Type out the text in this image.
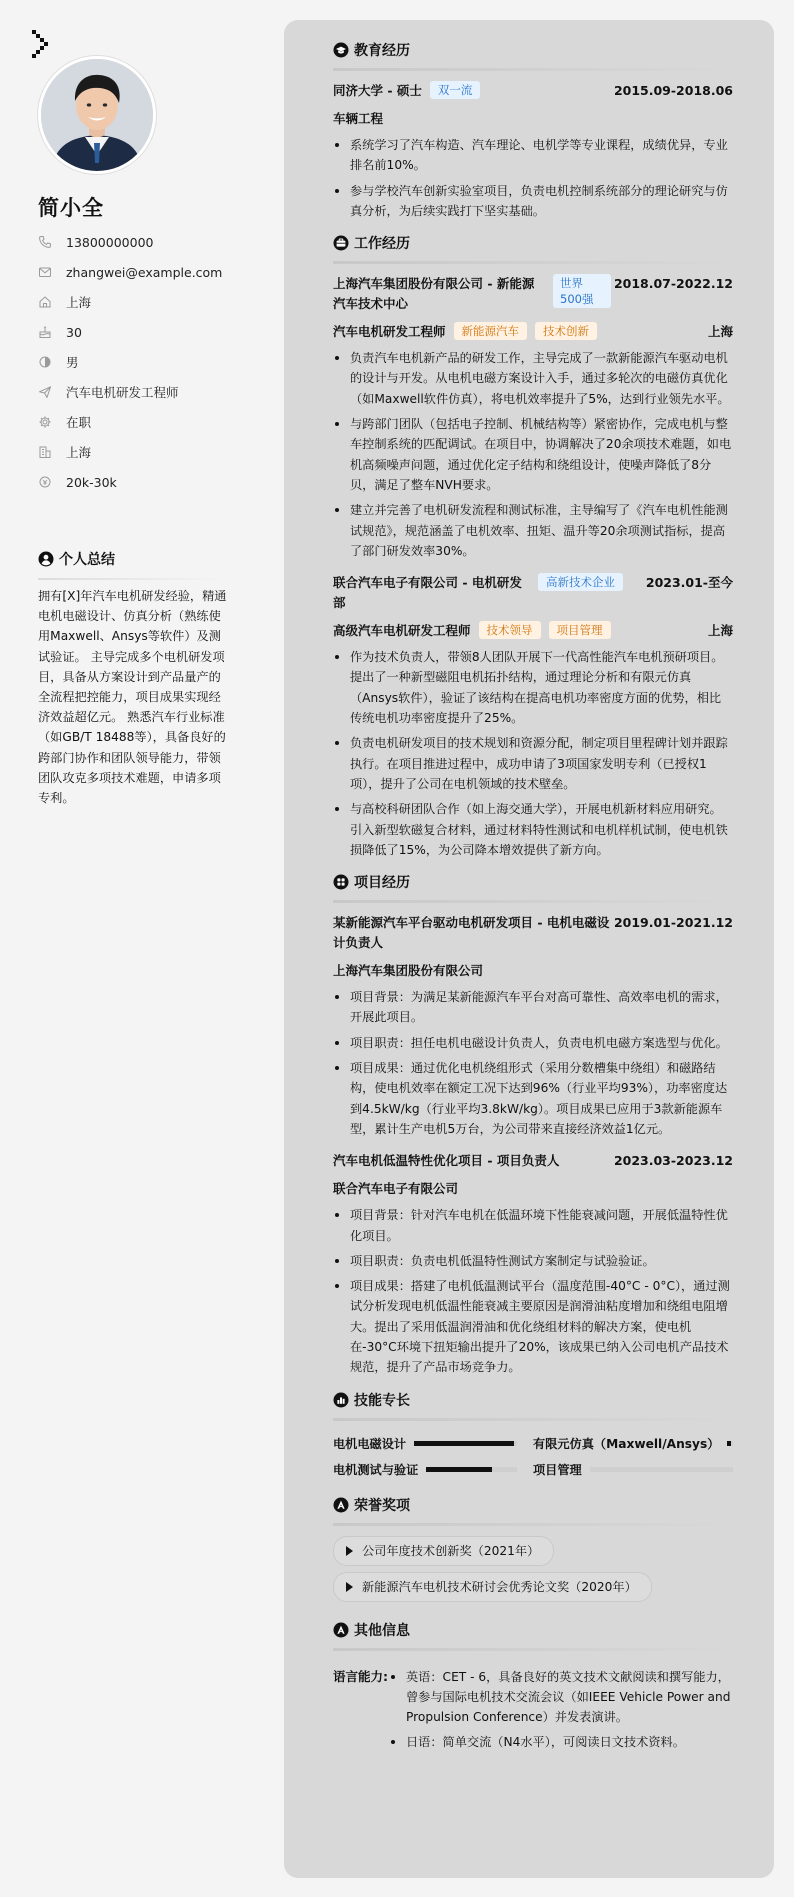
简小全
13800000000
zhangwei@example.com
上海
30
男
汽车电机研发工程师
在职
上海
20k-30k
个人总结

拥有[X]年汽车电机研发经验，精通电机电磁设计、仿真分析（熟练使用Maxwell、Ansys等软件）及测试验证。 主导完成多个电机研发项目，具备从方案设计到产品量产的全流程把控能力，项目成果实现经济效益超亿元。 熟悉汽车行业标准（如GB/T 18488等），具备良好的跨部门协作和团队领导能力，带领团队攻克多项技术难题，申请多项专利。

教育经历
同济大学 - 硕士	双一流	2015.09-2018.06
车辆工程
系统学习了汽车构造、汽车理论、电机学等专业课程，成绩优异，专业排名前10%。
参与学校汽车创新实验室项目，负责电机控制系统部分的理论研究与仿真分析，为后续实践打下坚实基础。
工作经历
上海汽车集团股份有限公司 - 新能源汽车技术中心
世界500强
2018.07-2022.12
汽车电机研发工程师	新能源汽车	技术创新	上海
负责汽车电机新产品的研发工作，主导完成了一款新能源汽车驱动电机的设计与开发。从电机电磁方案设计入手，通过多轮次的电磁仿真优化（如Maxwell软件仿真），将电机效率提升了5%，达到行业领先水平。
与跨部门团队（包括电子控制、机械结构等）紧密协作，完成电机与整车控制系统的匹配调试。在项目中，协调解决了20余项技术难题，如电机高频噪声问题，通过优化定子结构和绕组设计，使噪声降低了8分贝，满足了整车NVH要求。
建立并完善了电机研发流程和测试标准，主导编写了《汽车电机性能测试规范》，规范涵盖了电机效率、扭矩、温升等20余项测试指标，提高了部门研发效率30%。
联合汽车电子有限公司 - 电机研发部
高新技术企业	2023.01-至今
高级汽车电机研发工程师	技术领导	项目管理	上海
作为技术负责人，带领8人团队开展下一代高性能汽车电机预研项目。提出了一种新型磁阻电机拓扑结构，通过理论分析和有限元仿真（Ansys软件），验证了该结构在提高电机功率密度方面的优势，相比传统电机功率密度提升了25%。
负责电机研发项目的技术规划和资源分配，制定项目里程碑计划并跟踪执行。在项目推进过程中，成功申请了3项国家发明专利（已授权1项），提升了公司在电机领域的技术壁垒。
与高校科研团队合作（如上海交通大学），开展电机新材料应用研究。引入新型软磁复合材料，通过材料特性测试和电机样机试制，使电机铁损降低了15%，为公司降本增效提供了新方向。
项目经历
某新能源汽车平台驱动电机研发项目 - 电机电磁设计负责人
2019.01-2021.12
上海汽车集团股份有限公司
项目背景：为满足某新能源汽车平台对高可靠性、高效率电机的需求，开展此项目。
项目职责：担任电机电磁设计负责人，负责电机电磁方案选型与优化。
项目成果：通过优化电机绕组形式（采用分数槽集中绕组）和磁路结构，使电机效率在额定工况下达到96%（行业平均93%），功率密度达到4.5kW/kg（行业平均3.8kW/kg）。项目成果已应用于3款新能源车型，累计生产电机5万台，为公司带来直接经济效益1亿元。
汽车电机低温特性优化项目 - 项目负责人	2023.03-2023.12
联合汽车电子有限公司
项目背景：针对汽车电机在低温环境下性能衰减问题，开展低温特性优化项目。
项目职责：负责电机低温特性测试方案制定与试验验证。
项目成果：搭建了电机低温测试平台（温度范围-40°C - 0°C），通过测试分析发现电机低温性能衰减主要原因是润滑油粘度增加和绕组电阻增大。提出了采用低温润滑油和优化绕组材料的解决方案，使电机在-30°C环境下扭矩输出提升了20%，该成果已纳入公司电机产品技术规范，提升了产品市场竞争力。
技能专长
电机电磁设计	有限元仿真（Maxwell/Ansys）
电机测试与验证	项目管理
荣誉奖项
公司年度技术创新奖（2021年）
新能源汽车电机技术研讨会优秀论文奖（2020年）
其他信息
语言能力:	英语：CET - 6，具备良好的英文技术文献阅读和撰写能力，曾参与国际电机技术交流会议（如IEEE Vehicle Power and Propulsion Conference）并发表演讲。
日语：简单交流（N4水平），可阅读日文技术资料。
